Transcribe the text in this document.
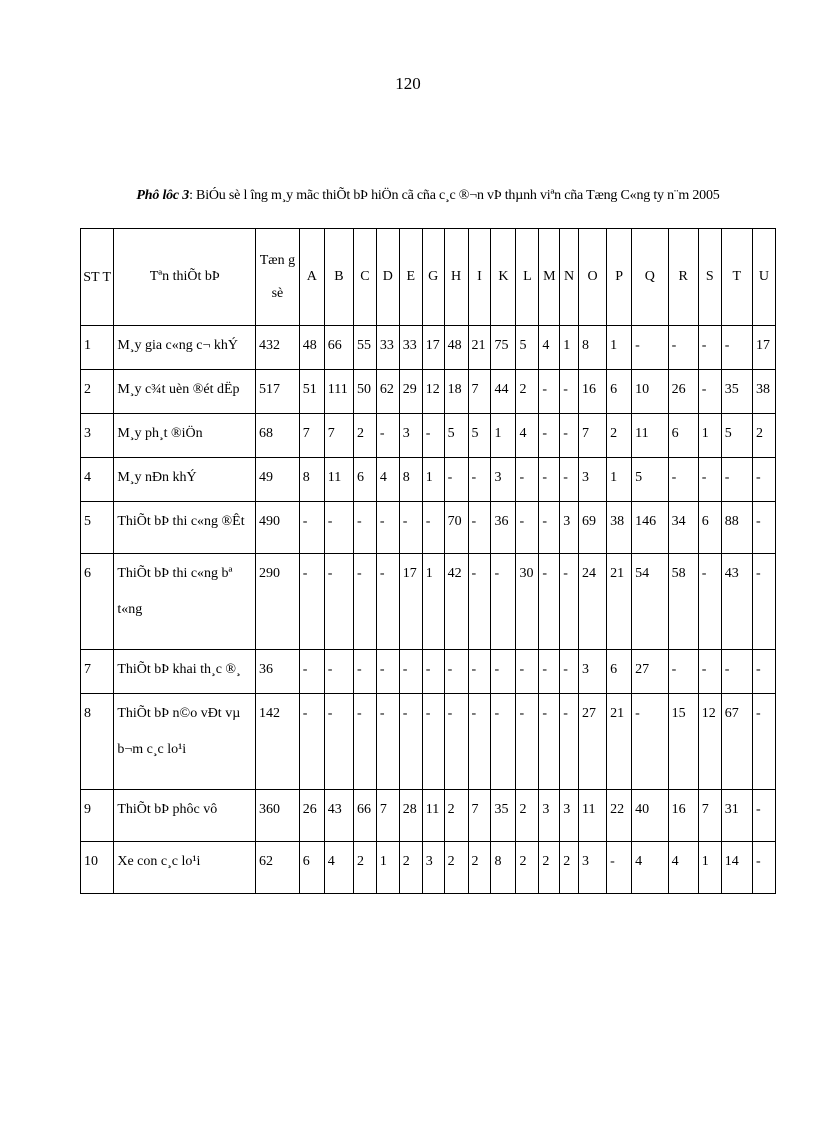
120
Phô lôc 3: BiÓu sè l îng m¸y mãc thiÕt bÞ hiÖn cã cña c¸c ®¬n vÞ thµnh viªn cña Tæng C«ng ty n¨m 2005
ST T	Tªn thiÕt bÞ	Tæn g sè	A	B	C	D	E	G	H	I	K	L	M	N	O	P	Q	R	S	T	U
1	M¸y gia c«ng c¬ khÝ	432	48	66	55	33	33	17	48	21	75	5	4	1	8	1	-	-	-	-	17
2	M¸y c¾t uèn ®ét dËp	517	51	111	50	62	29	12	18	7	44	2	-	-	16	6	10	26	-	35	38
3	M¸y ph¸t ®iÖn	68	7	7	2	-	3	-	5	5	1	4	-	-	7	2	11	6	1	5	2
4	M¸y nÐn khÝ	49	8	11	6	4	8	1	-	-	3	-	-	-	3	1	5	-	-	-	-
5	ThiÕt bÞ thi c«ng ®Êt	490	-	-	-	-	-	-	70	-	36	-	-	3	69	38	146	34	6	88	-
6	ThiÕt bÞ thi c«ng bª t«ng	290	-	-	-	-	17	1	42	-	-	30	-	-	24	21	54	58	-	43	-
7	ThiÕt bÞ khai th¸c ®¸	36	-	-	-	-	-	-	-	-	-	-	-	-	3	6	27	-	-	-	-
8	ThiÕt bÞ n©o vÐt vµ b¬m c¸c lo¹i	142	-	-	-	-	-	-	-	-	-	-	-	-	27	21	-	15	12	67	-
9	ThiÕt bÞ phôc vô	360	26	43	66	7	28	11	2	7	35	2	3	3	11	22	40	16	7	31	-
10	Xe con c¸c lo¹i	62	6	4	2	1	2	3	2	2	8	2	2	2	3	-	4	4	1	14	-
